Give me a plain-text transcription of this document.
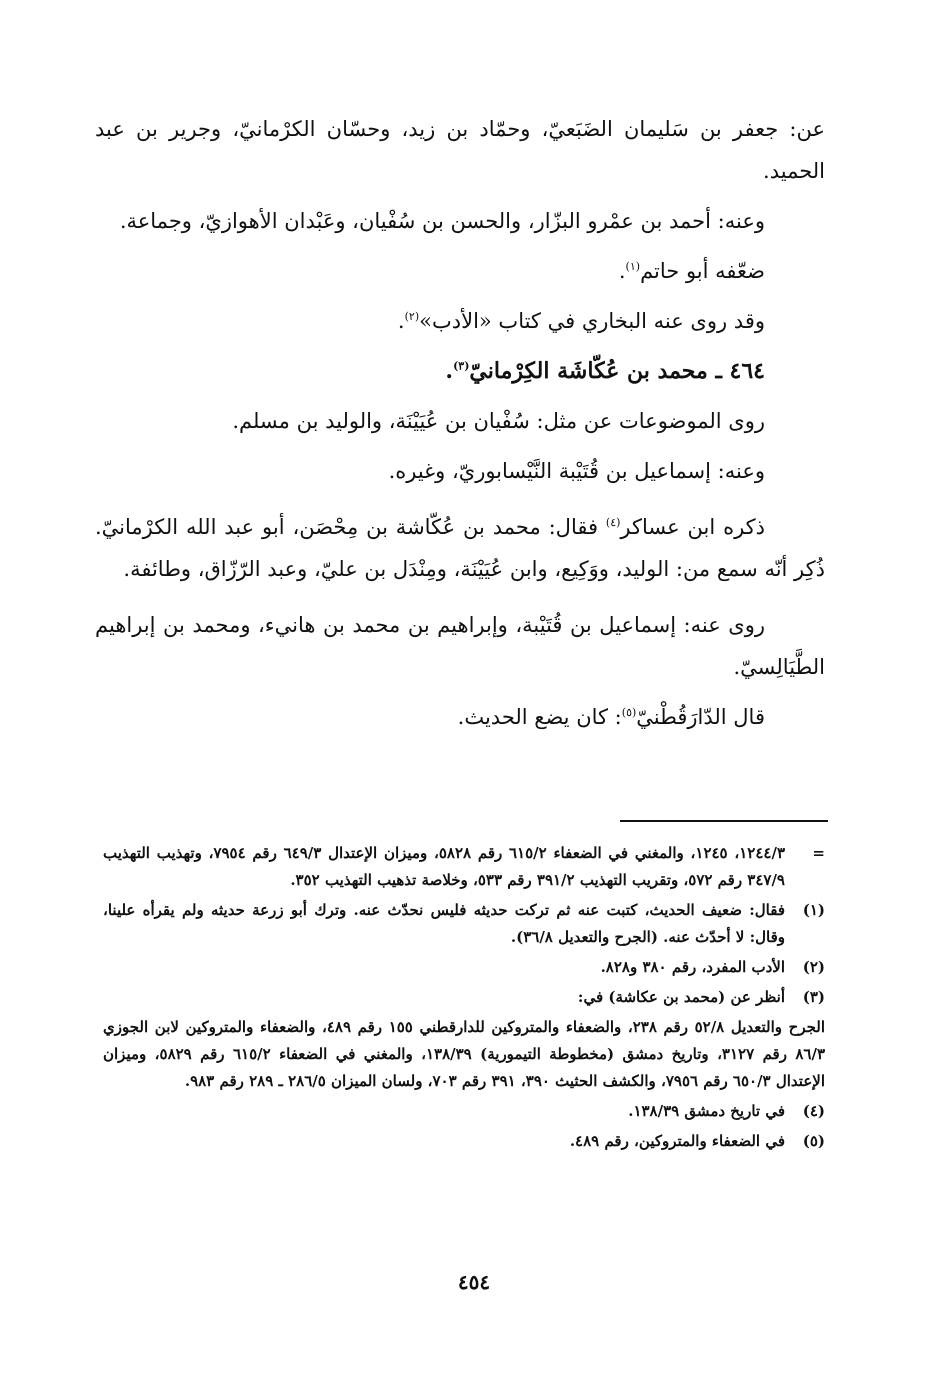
عن: جعفر بن سَليمان الضَبَعيّ، وحمّاد بن زيد، وحسّان الكرْمانيّ، وجرير بن عبد الحميد.

وعنه: أحمد بن عمْرو البزّار، والحسن بن سُفْيان، وعَبْدان الأهوازيّ، وجماعة.

ضعّفه أبو حاتم$^{(١)}$.

وقد روى عنه البخاري في كتاب «الأدب»$^{(٢)}$.

٤٦٤ ـ محمد بن عُكّاشَة الكِرْمانيّ$^{(٣)}$.

روى الموضوعات عن مثل: سُفْيان بن عُيَيْنَة، والوليد بن مسلم.

وعنه: إسماعيل بن قُتَيْبة النَّيْسابوريّ، وغيره.

ذكره ابن عساكر$^{(٤)}$ فقال: محمد بن عُكّاشة بن مِحْصَن، أبو عبد الله الكرْمانيّ. ذُكِر أنّه سمع من: الوليد، ووَكِيع، وابن عُيَيْنَة، ومِنْدَل بن عليّ، وعبد الرّزّاق، وطائفة.

روى عنه: إسماعيل بن قُتَيْبة، وإبراهيم بن محمد بن هانيء، ومحمد بن إبراهيم الطَّيَالِسيّ.

قال الدّارَقُطْنيّ$^{(٥)}$: كان يضع الحديث.

=
١٢٤٤/٣، ١٢٤٥، والمغني في الضعفاء ٦١٥/٢ رقم ٥٨٢٨، وميزان الإعتدال ٦٤٩/٣ رقم ٧٩٥٤، وتهذيب التهذيب ٣٤٧/٩ رقم ٥٧٢، وتقريب التهذيب ٣٩١/٢ رقم ٥٣٣، وخلاصة تذهيب التهذيب ٣٥٢.
(١)
فقال: ضعيف الحديث، كتبت عنه ثم تركت حديثه فليس نحدّث عنه. وترك أبو زرعة حديثه ولم يقرأه علينا، وقال: لا أحدّث عنه. (الجرح والتعديل ٣٦/٨).
(٢)
الأدب المفرد، رقم ٣٨٠ و٨٢٨.
(٣)
أنظر عن (محمد بن عكاشة) في:
الجرح والتعديل ٥٢/٨ رقم ٢٣٨، والضعفاء والمتروكين للدارقطني ١٥٥ رقم ٤٨٩، والضعفاء والمتروكين لابن الجوزي ٨٦/٣ رقم ٣١٢٧، وتاريخ دمشق (مخطوطة التيمورية) ١٣٨/٣٩، والمغني في الضعفاء ٦١٥/٢ رقم ٥٨٢٩، وميزان الإعتدال ٦٥٠/٣ رقم ٧٩٥٦، والكشف الحثيث ٣٩٠، ٣٩١ رقم ٧٠٣، ولسان الميزان ٢٨٦/٥ ـ ٢٨٩ رقم ٩٨٣.
(٤)
في تاريخ دمشق ١٣٨/٣٩.
(٥)
في الضعفاء والمتروكين، رقم ٤٨٩.
٤٥٤
